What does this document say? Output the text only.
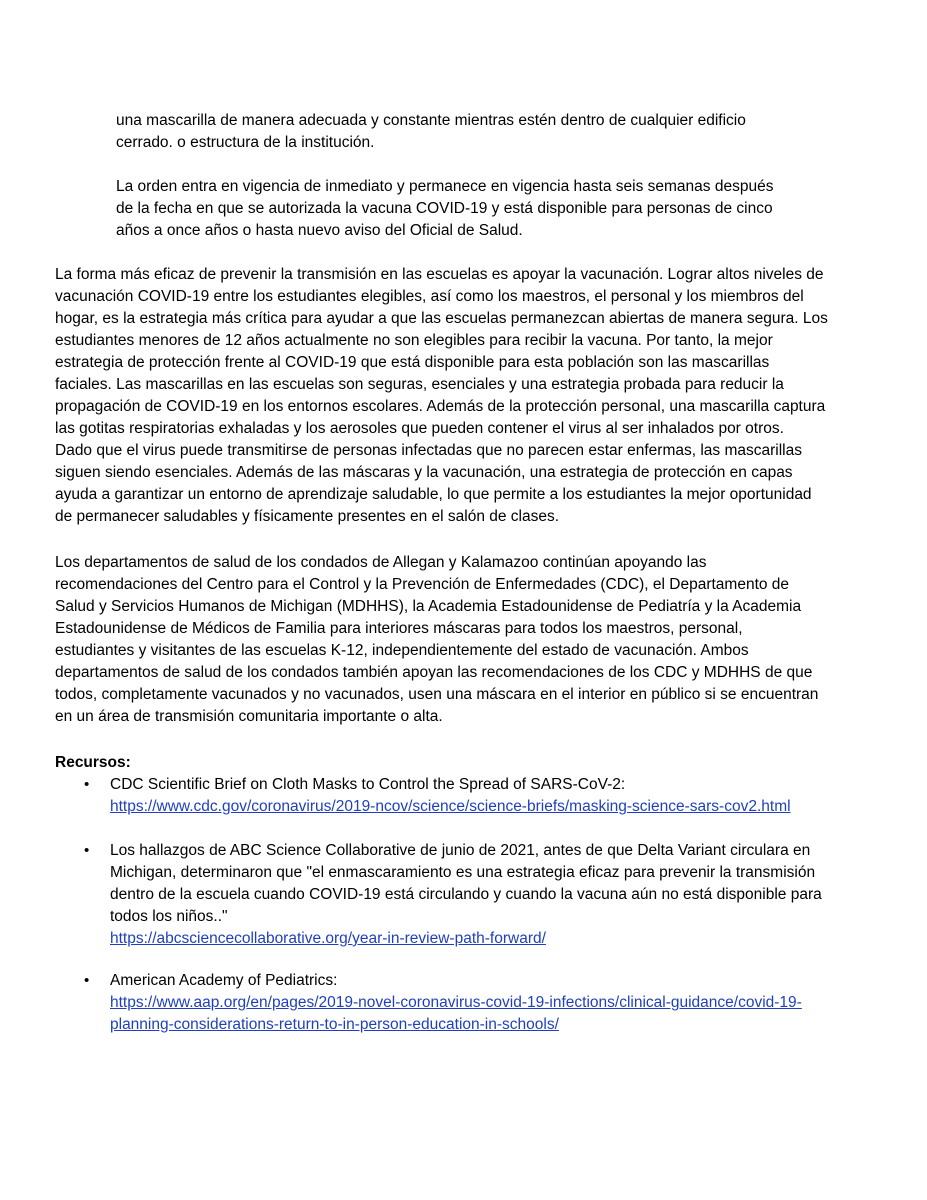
una mascarilla de manera adecuada y constante mientras estén dentro de cualquier edificio
cerrado. o estructura de la institución.
La orden entra en vigencia de inmediato y permanece en vigencia hasta seis semanas después
de la fecha en que se autorizada la vacuna COVID-19 y está disponible para personas de cinco
años a once años o hasta nuevo aviso del Oficial de Salud.
La forma más eficaz de prevenir la transmisión en las escuelas es apoyar la vacunación. Lograr altos niveles de
vacunación COVID-19 entre los estudiantes elegibles, así como los maestros, el personal y los miembros del
hogar, es la estrategia más crítica para ayudar a que las escuelas permanezcan abiertas de manera segura. Los
estudiantes menores de 12 años actualmente no son elegibles para recibir la vacuna. Por tanto, la mejor
estrategia de protección frente al COVID-19 que está disponible para esta población son las mascarillas
faciales. Las mascarillas en las escuelas son seguras, esenciales y una estrategia probada para reducir la
propagación de COVID-19 en los entornos escolares. Además de la protección personal, una mascarilla captura
las gotitas respiratorias exhaladas y los aerosoles que pueden contener el virus al ser inhalados por otros.
Dado que el virus puede transmitirse de personas infectadas que no parecen estar enfermas, las mascarillas
siguen siendo esenciales. Además de las máscaras y la vacunación, una estrategia de protección en capas
ayuda a garantizar un entorno de aprendizaje saludable, lo que permite a los estudiantes la mejor oportunidad
de permanecer saludables y físicamente presentes en el salón de clases.
Los departamentos de salud de los condados de Allegan y Kalamazoo continúan apoyando las
recomendaciones del Centro para el Control y la Prevención de Enfermedades (CDC), el Departamento de
Salud y Servicios Humanos de Michigan (MDHHS), la Academia Estadounidense de Pediatría y la Academia
Estadounidense de Médicos de Familia para interiores máscaras para todos los maestros, personal,
estudiantes y visitantes de las escuelas K-12, independientemente del estado de vacunación. Ambos
departamentos de salud de los condados también apoyan las recomendaciones de los CDC y MDHHS de que
todos, completamente vacunados y no vacunados, usen una máscara en el interior en público si se encuentran
en un área de transmisión comunitaria importante o alta.
Recursos:
•	CDC Scientific Brief on Cloth Masks to Control the Spread of SARS-CoV-2:
https://www.cdc.gov/coronavirus/2019-ncov/science/science-briefs/masking-science-sars-cov2.html
•	Los hallazgos de ABC Science Collaborative de junio de 2021, antes de que Delta Variant circulara en
Michigan, determinaron que "el enmascaramiento es una estrategia eficaz para prevenir la transmisión
dentro de la escuela cuando COVID-19 está circulando y cuando la vacuna aún no está disponible para
todos los niños.."
https://abcsciencecollaborative.org/year-in-review-path-forward/
•	American Academy of Pediatrics:
https://www.aap.org/en/pages/2019-novel-coronavirus-covid-19-infections/clinical-guidance/covid-19-
planning-considerations-return-to-in-person-education-in-schools/
